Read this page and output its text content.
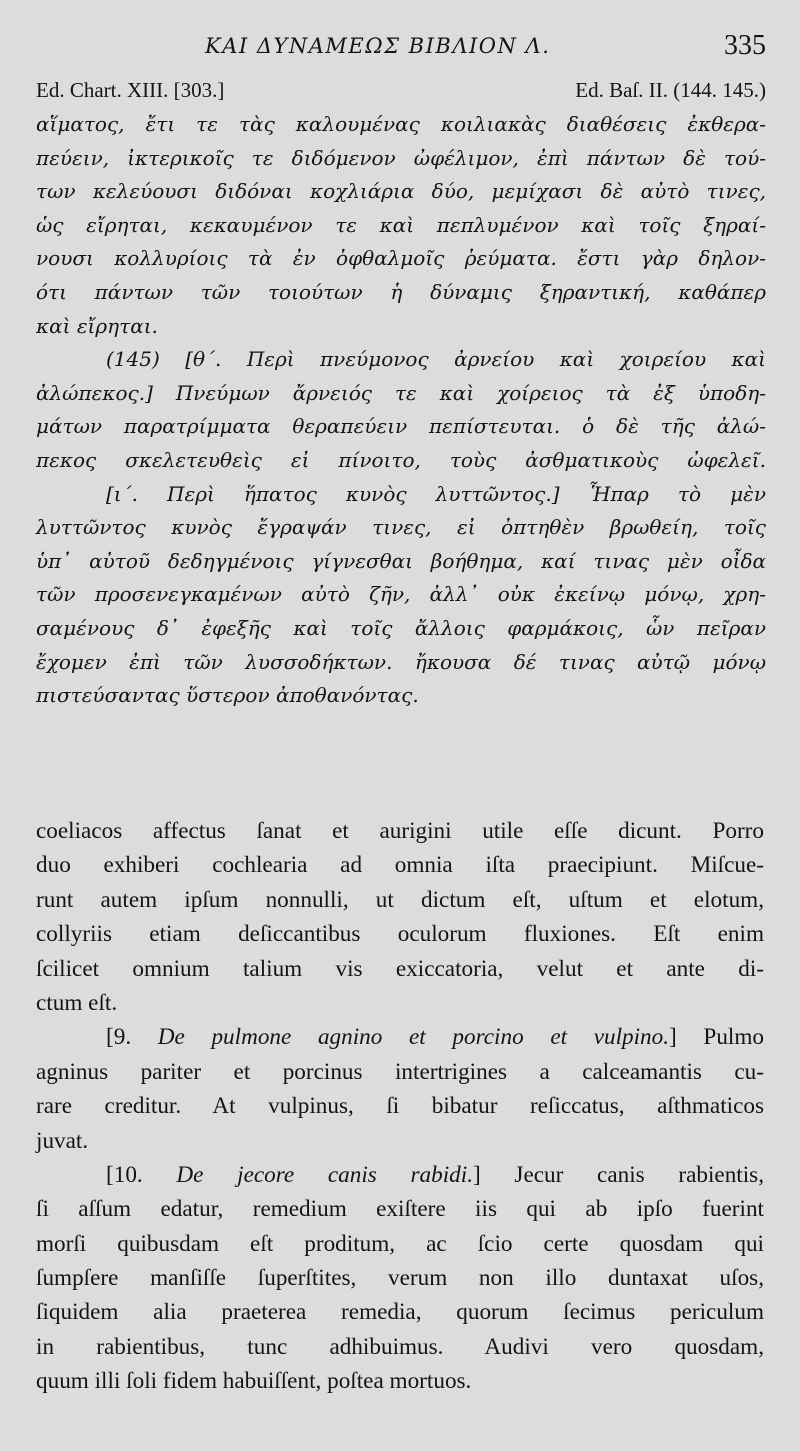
ΚΑΙ ΔΥΝΑΜΕΩΣ ΒΙΒΛΙΟΝ Λ.	335
Ed. Chart. XIII. [303.]	Ed. Baſ. II. (144. 145.)
αἵματος, ἔτι τε τὰς καλουμένας κοιλιακὰς διαθέσεις ἐκθερα-
πεύειν, ἰκτερικοῖς τε διδόμενον ὠφέλιμον, ἐπὶ πάντων δὲ τού-
των κελεύουσι διδόναι κοχλιάρια δύο, μεμίχασι δὲ αὐτὸ τινες,
ὡς εἴρηται, κεκαυμένον τε καὶ πεπλυμένον καὶ τοῖς ξηραί-
νουσι κολλυρίοις τὰ ἐν ὀφθαλμοῖς ῥεύματα. ἔστι γὰρ δηλον-
ότι πάντων τῶν τοιούτων ἡ δύναμις ξηραντική, καθάπερ
καὶ εἴρηται.
(145) [θ΄. Περὶ πνεύμονος ἀρνείου καὶ χοιρείου καὶ
ἀλώπεκος.] Πνεύμων ἄρνειός τε καὶ χοίρειος τὰ ἐξ ὑποδη-
μάτων παρατρίμματα θεραπεύειν πεπίστευται. ὁ δὲ τῆς ἀλώ-
πεκος σκελετευθεὶς εἰ πίνοιτο, τοὺς ἀσθματικοὺς ὠφελεῖ.
[ι΄. Περὶ ἥπατος κυνὸς λυττῶντος.] Ἧπαρ τὸ μὲν
λυττῶντος κυνὸς ἔγραψάν τινες, εἰ ὀπτηθὲν βρωθείη, τοῖς
ὑπ᾽ αὐτοῦ δεδηγμένοις γίγνεσθαι βοήθημα, καί τινας μὲν οἶδα
τῶν προσενεγκαμένων αὐτὸ ζῆν, ἀλλ᾽ οὐκ ἐκείνῳ μόνῳ, χρη-
σαμένους δ᾽ ἐφεξῆς καὶ τοῖς ἄλλοις φαρμάκοις, ὧν πεῖραν
ἔχομεν ἐπὶ τῶν λυσσοδήκτων. ἤκουσα δέ τινας αὐτῷ μόνῳ
πιστεύσαντας ὕστερον ἀποθανόντας.
coeliacos affectus ſanat et aurigini utile eſſe dicunt. Porro
duo exhiberi cochlearia ad omnia iſta praecipiunt. Miſcue-
runt autem ipſum nonnulli, ut dictum eſt, uſtum et elotum,
collyriis etiam deſiccantibus oculorum fluxiones. Eſt enim
ſcilicet omnium talium vis exiccatoria, velut et ante di-
ctum eſt.
[9. De pulmone agnino et porcino et vulpino.] Pulmo
agninus pariter et porcinus intertrigines a calceamantis cu-
rare creditur. At vulpinus, ſi bibatur reſiccatus, aſthmaticos
juvat.
[10. De jecore canis rabidi.] Jecur canis rabientis,
ſi aſſum edatur, remedium exiſtere iis qui ab ipſo fuerint
morſi quibusdam eſt proditum, ac ſcio certe quosdam qui
ſumpſere manſiſſe ſuperſtites, verum non illo duntaxat uſos,
ſiquidem alia praeterea remedia, quorum ſecimus periculum
in rabientibus, tunc adhibuimus. Audivi vero quosdam,
quum illi ſoli fidem habuiſſent, poſtea mortuos.
